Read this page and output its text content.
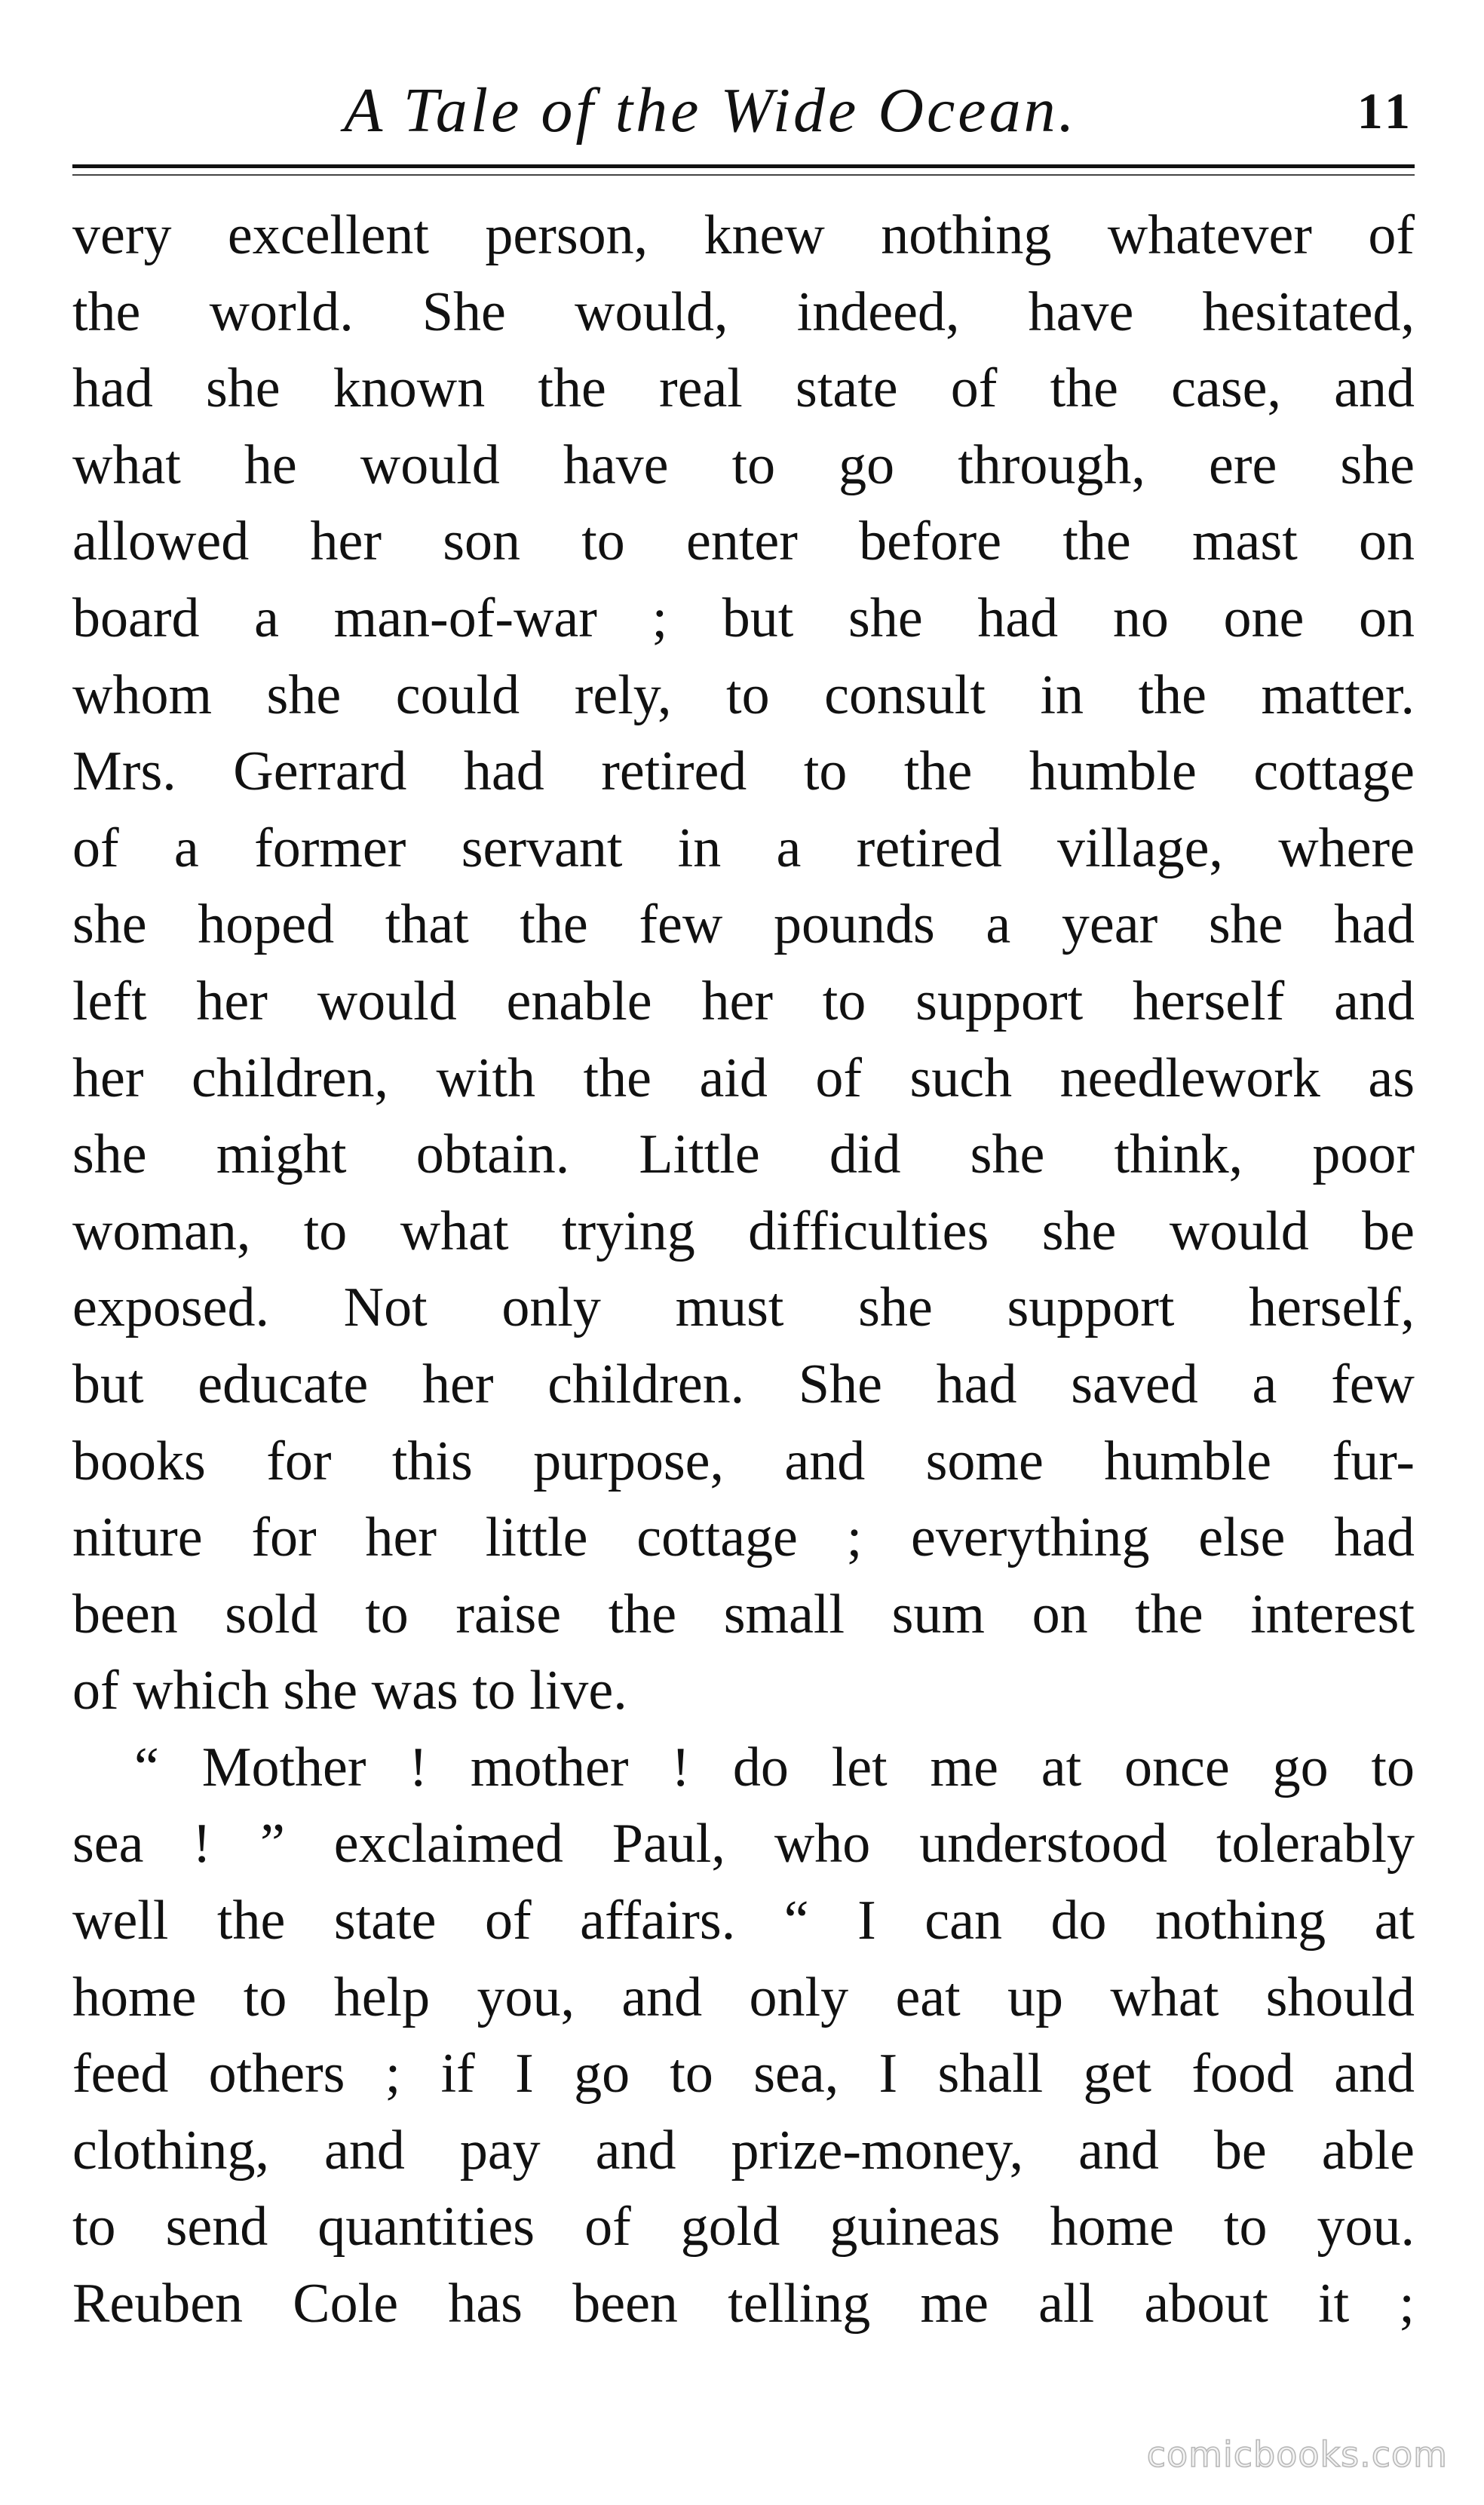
A Tale of the Wide Ocean.	11
very excellent person, knew nothing whatever of
the world. She would, indeed, have hesitated,
had she known the real state of the case, and
what he would have to go through, ere she
allowed her son to enter before the mast on
board a man-of-war ; but she had no one on
whom she could rely, to consult in the matter.
Mrs. Gerrard had retired to the humble cottage
of a former servant in a retired village, where
she hoped that the few pounds a year she had
left her would enable her to support herself and
her children, with the aid of such needlework as
she might obtain. Little did she think, poor
woman, to what trying difficulties she would be
exposed. Not only must she support herself,
but educate her children. She had saved a few
books for this purpose, and some humble fur-
niture for her little cottage ; everything else had
been sold to raise the small sum on the interest
of which she was to live.
“ Mother ! mother ! do let me at once go to
sea ! ” exclaimed Paul, who understood tolerably
well the state of affairs. “ I can do nothing at
home to help you, and only eat up what should
feed others ; if I go to sea, I shall get food and
clothing, and pay and prize-money, and be able
to send quantities of gold guineas home to you.
Reuben Cole has been telling me all about it ;
comicbooks.com
